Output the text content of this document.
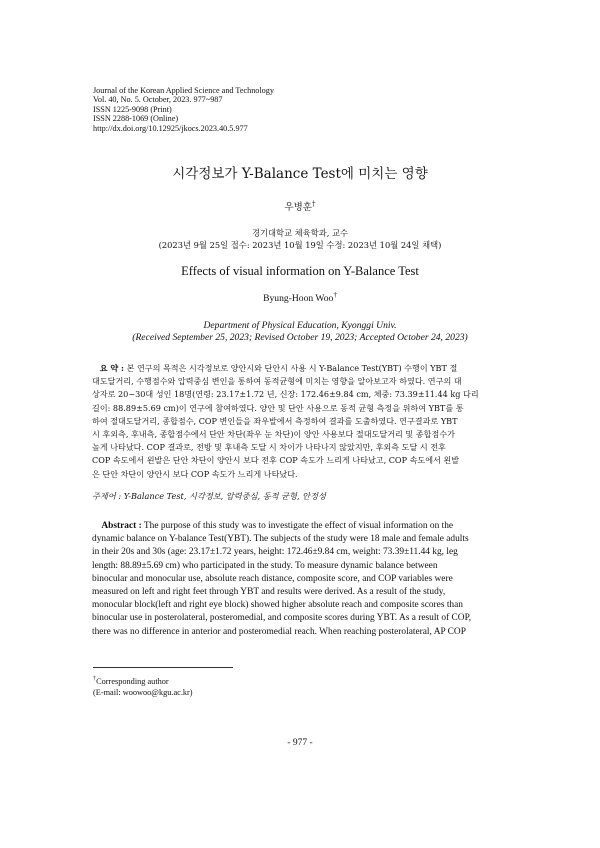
Journal of the Korean Applied Science and Technology
Vol. 40, No. 5. October, 2023. 977~987
ISSN 1225-9098 (Print)
ISSN 2288-1069 (Online)
http://dx.doi.org/10.12925/jkocs.2023.40.5.977
시각정보가 Y-Balance Test에 미치는 영향
우병훈†
경기대학교 체육학과, 교수
(2023년 9월 25일 접수: 2023년 10월 19일 수정: 2023년 10월 24일 채택)
Effects of visual information on Y-Balance Test
Byung-Hoon Woo†
Department of Physical Education, Kyonggi Univ.
(Received September 25, 2023; Revised October 19, 2023; Accepted October 24, 2023)
요 약 : 본 연구의 목적은 시각정보로 양안시와 단안시 사용 시 Y-Balance Test(YBT) 수행이 YBT 절
대도달거리, 수행점수와 압력중심 변인을 통하여 동적균형에 미치는 영향을 알아보고자 하였다. 연구의 대
상자로 20~30대 성인 18명(연령: 23.17±1.72 년, 신장: 172.46±9.84 cm, 체중: 73.39±11.44 kg 다리
길이: 88.89±5.69 cm)이 연구에 참여하였다. 양안 및 단안 사용으로 동적 균형 측정을 위하여 YBT를 통
하여 절대도달거리, 종합점수, COP 변인들을 좌우발에서 측정하여 결과를 도출하였다. 연구결과로 YBT
시 후외측, 후내측, 종합점수에서 단안 차단(좌우 눈 차단)이 양안 사용보다 절대도달거리 및 종합점수가
높게 나타났다. COP 결과로, 전방 및 후내측 도달 시 차이가 나타나지 않았지만, 후외측 도달 시 전후
COP 속도에서 왼발은 단안 차단이 양안시 보다 전후 COP 속도가 느리게 나타났고, COP 속도에서 왼발
은 단안 차단이 양안시 보다 COP 속도가 느리게 나타났다.
주제어 : Y-Balance Test, 시각정보, 압력중심, 동적 균형, 안정성
Abstract : The purpose of this study was to investigate the effect of visual information on the
dynamic balance on Y-balance Test(YBT). The subjects of the study were 18 male and female adults
in their 20s and 30s (age: 23.17±1.72 years, height: 172.46±9.84 cm, weight: 73.39±11.44 kg, leg
length: 88.89±5.69 cm) who participated in the study. To measure dynamic balance between
binocular and monocular use, absolute reach distance, composite score, and COP variables were
measured on left and right feet through YBT and results were derived. As a result of the study,
monocular block(left and right eye block) showed higher absolute reach and composite scores than
binocular use in posterolateral, posteromedial, and composite scores during YBT. As a result of COP,
there was no difference in anterior and posteromedial reach. When reaching posterolateral, AP COP
†Corresponding author
(E-mail: woowoo@kgu.ac.kr)
- 977 -
